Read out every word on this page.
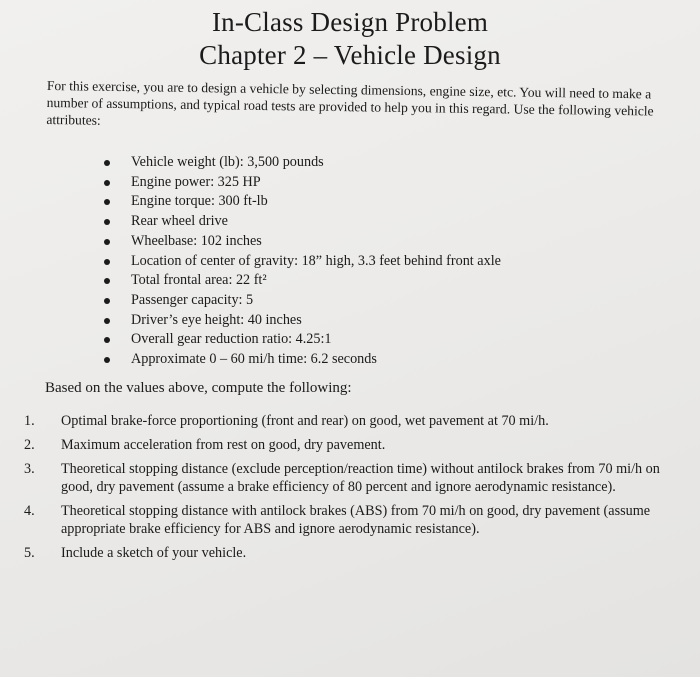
In-Class Design Problem
Chapter 2 – Vehicle Design

For this exercise, you are to design a vehicle by selecting dimensions, engine size, etc. You will need to make a number of assumptions, and typical road tests are provided to help you in this regard. Use the following vehicle attributes:

Vehicle weight (lb): 3,500 pounds
Engine power: 325 HP
Engine torque: 300 ft-lb
Rear wheel drive
Wheelbase: 102 inches
Location of center of gravity: 18” high, 3.3 feet behind front axle
Total frontal area: 22 ft²
Passenger capacity: 5
Driver’s eye height: 40 inches
Overall gear reduction ratio: 4.25:1
Approximate 0 – 60 mi/h time: 6.2 seconds

Based on the values above, compute the following:

1. Optimal brake-force proportioning (front and rear) on good, wet pavement at 70 mi/h.
2. Maximum acceleration from rest on good, dry pavement.
3. Theoretical stopping distance (exclude perception/reaction time) without antilock brakes from 70 mi/h on good, dry pavement (assume a brake efficiency of 80 percent and ignore aerodynamic resistance).
4. Theoretical stopping distance with antilock brakes (ABS) from 70 mi/h on good, dry pavement (assume appropriate brake efficiency for ABS and ignore aerodynamic resistance).
5. Include a sketch of your vehicle.
